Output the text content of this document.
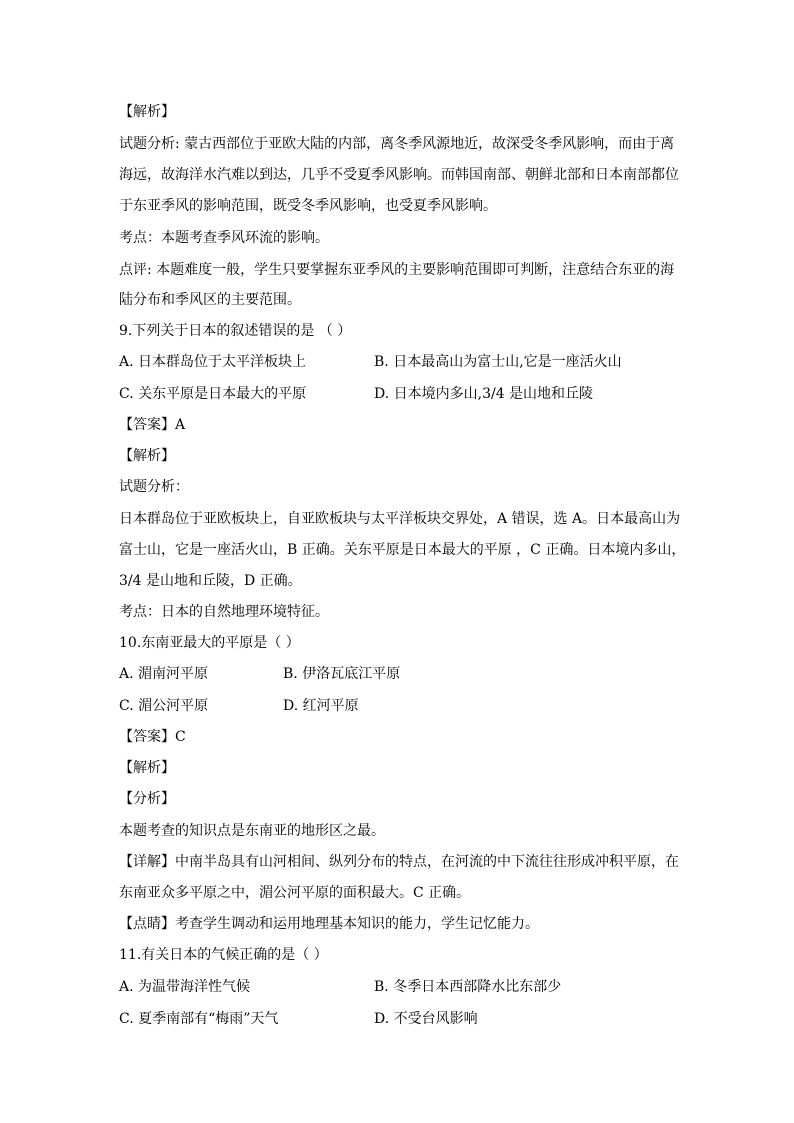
【解析】
试题分析: 蒙古西部位于亚欧大陆的内部，离冬季风源地近，故深受冬季风影响，而由于离
海远，故海洋水汽难以到达，几乎不受夏季风影响。而韩国南部、朝鲜北部和日本南部都位
于东亚季风的影响范围，既受冬季风影响，也受夏季风影响。
考点：本题考查季风环流的影响。
点评: 本题难度一般，学生只要掌握东亚季风的主要影响范围即可判断，注意结合东亚的海
陆分布和季风区的主要范围。
9.下列关于日本的叙述错误的是 （ ）
A. 日本群岛位于太平洋板块上	B. 日本最高山为富士山,它是一座活火山
C. 关东平原是日本最大的平原	D. 日本境内多山,3/4 是山地和丘陵
【答案】A
【解析】
试题分析：
日本群岛位于亚欧板块上，自亚欧板块与太平洋板块交界处，A 错误，选 A。日本最高山为
富士山，它是一座活火山，B 正确。关东平原是日本最大的平原 ，C 正确。日本境内多山，
3/4 是山地和丘陵，D 正确。
考点：日本的自然地理环境特征。
10.东南亚最大的平原是（ ）
A. 湄南河平原	B. 伊洛瓦底江平原
C. 湄公河平原	D. 红河平原
【答案】C
【解析】
【分析】
本题考查的知识点是东南亚的地形区之最。
【详解】中南半岛具有山河相间、纵列分布的特点，在河流的中下流往往形成冲积平原，在
东南亚众多平原之中，湄公河平原的面积最大。C 正确。
【点睛】考查学生调动和运用地理基本知识的能力，学生记忆能力。
11.有关日本的气候正确的是（ ）
A. 为温带海洋性气候	B. 冬季日本西部降水比东部少
C. 夏季南部有“梅雨”天气	D. 不受台风影响
